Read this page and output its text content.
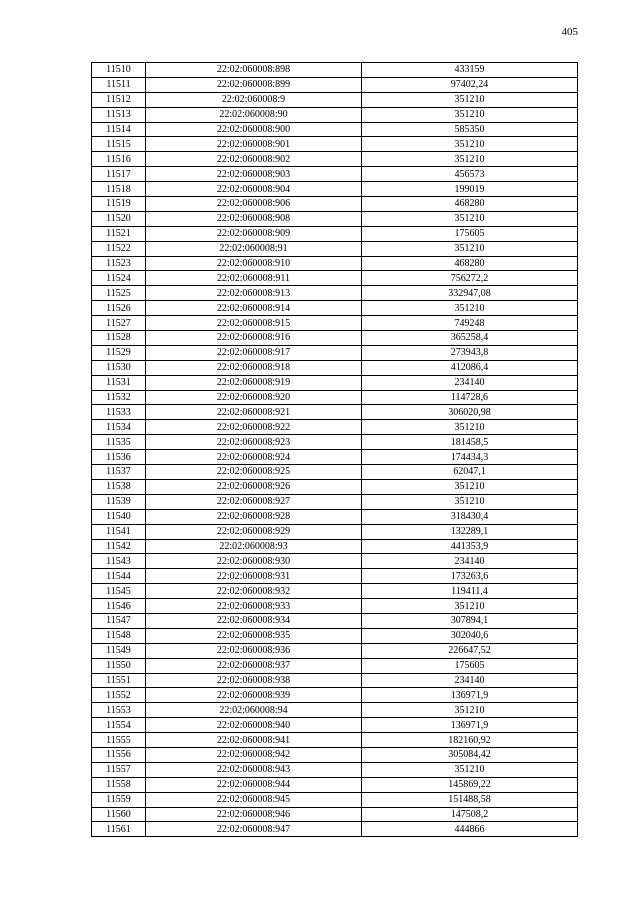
405
11510	22:02:060008:898	433159
11511	22:02:060008:899	97402,24
11512	22:02:060008:9	351210
11513	22:02:060008:90	351210
11514	22:02:060008:900	585350
11515	22:02:060008:901	351210
11516	22:02:060008:902	351210
11517	22:02:060008:903	456573
11518	22:02:060008:904	199019
11519	22:02:060008:906	468280
11520	22:02:060008:908	351210
11521	22:02:060008:909	175605
11522	22:02:060008:91	351210
11523	22:02:060008:910	468280
11524	22:02:060008:911	756272,2
11525	22:02:060008:913	332947,08
11526	22:02:060008:914	351210
11527	22:02:060008:915	749248
11528	22:02:060008:916	365258,4
11529	22:02:060008:917	273943,8
11530	22:02:060008:918	412086,4
11531	22:02:060008:919	234140
11532	22:02:060008:920	114728,6
11533	22:02:060008:921	306020,98
11534	22:02:060008:922	351210
11535	22:02:060008:923	181458,5
11536	22:02:060008:924	174434,3
11537	22:02:060008:925	62047,1
11538	22:02:060008:926	351210
11539	22:02:060008:927	351210
11540	22:02:060008:928	318430,4
11541	22:02:060008:929	132289,1
11542	22:02:060008:93	441353,9
11543	22:02:060008:930	234140
11544	22:02:060008:931	173263,6
11545	22:02:060008:932	119411,4
11546	22:02:060008:933	351210
11547	22:02:060008:934	307894,1
11548	22:02:060008:935	302040,6
11549	22:02:060008:936	226647,52
11550	22:02:060008:937	175605
11551	22:02:060008:938	234140
11552	22:02:060008:939	136971,9
11553	22:02:060008:94	351210
11554	22:02:060008:940	136971,9
11555	22:02:060008:941	182160,92
11556	22:02:060008:942	305084,42
11557	22:02:060008:943	351210
11558	22:02:060008:944	145869,22
11559	22:02:060008:945	151488,58
11560	22:02:060008:946	147508,2
11561	22:02:060008:947	444866
